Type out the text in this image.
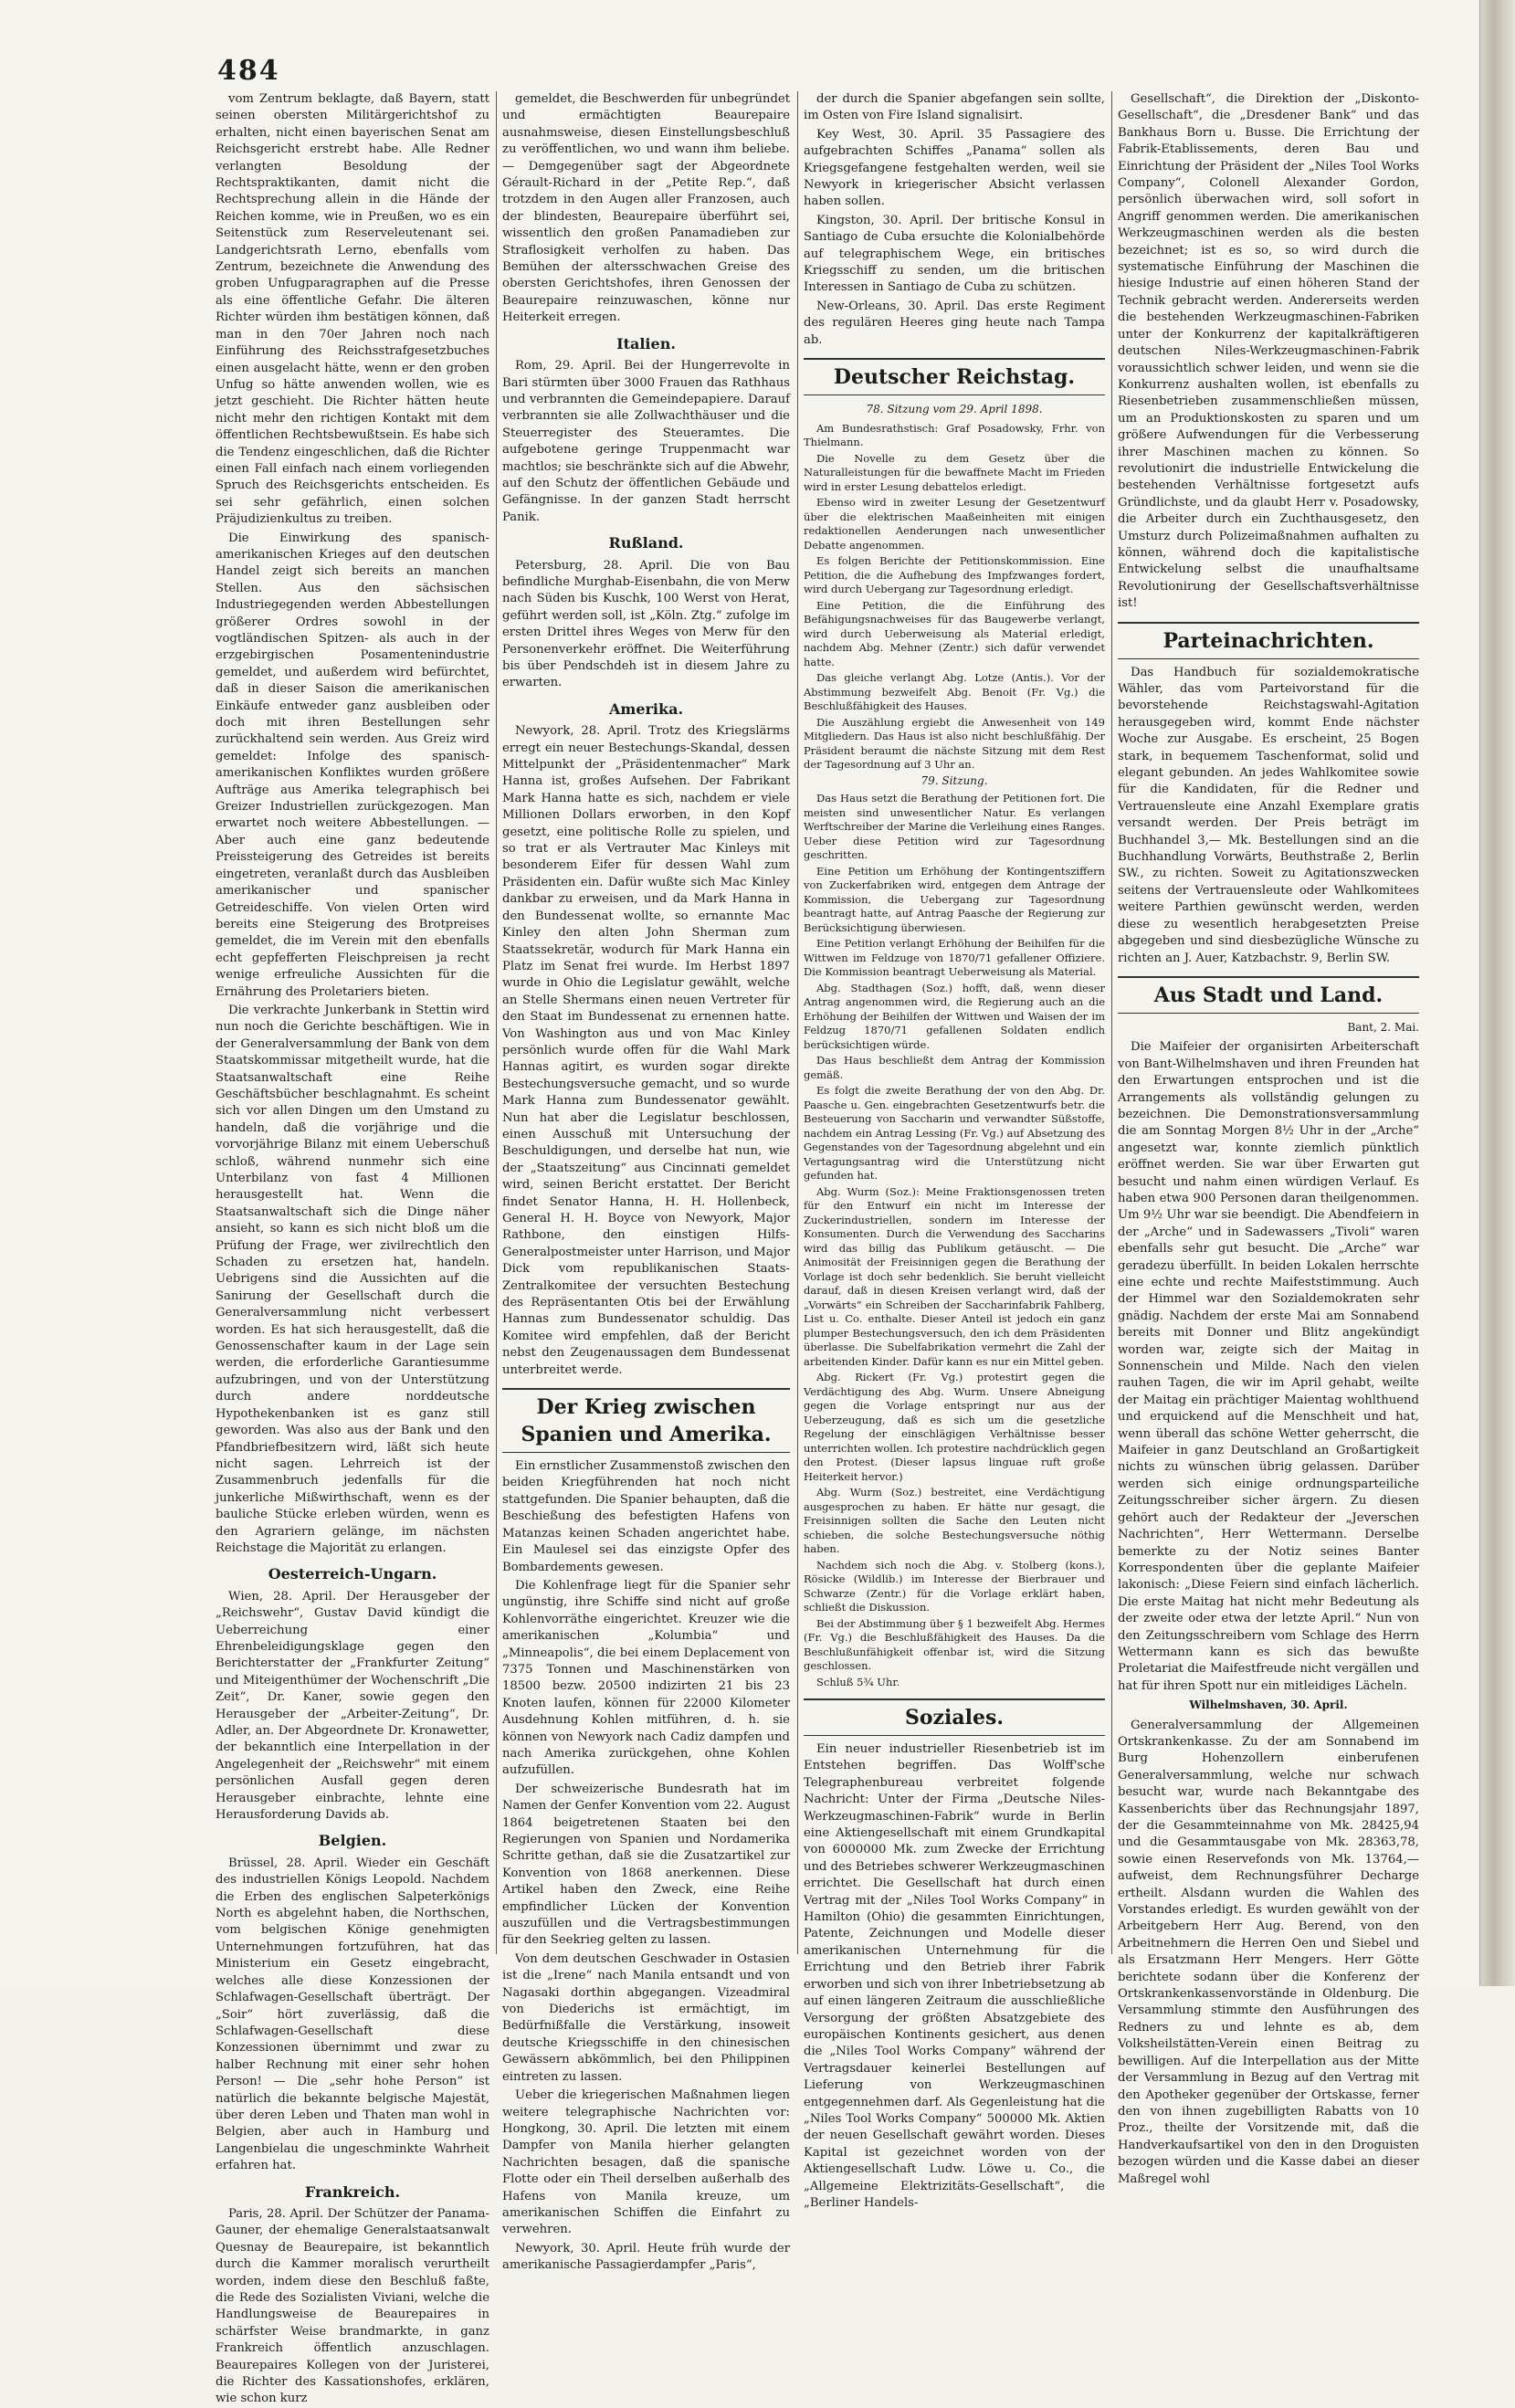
484

vom Zentrum beklagte, daß Bayern, statt seinen obersten Militärgerichtshof zu erhalten, nicht einen bayerischen Senat am Reichsgericht erstrebt habe. Alle Redner verlangten Besoldung der Rechtspraktikanten, damit nicht die Rechtsprechung allein in die Hände der Reichen komme, wie in Preußen, wo es ein Seitenstück zum Reserveleutenant sei. Landgerichtsrath Lerno, ebenfalls vom Zentrum, bezeichnete die Anwendung des groben Unfugparagraphen auf die Presse als eine öffentliche Gefahr. Die älteren Richter würden ihm bestätigen können, daß man in den 70er Jahren noch nach Einführung des Reichsstrafgesetzbuches einen ausgelacht hätte, wenn er den groben Unfug so hätte anwenden wollen, wie es jetzt geschieht. Die Richter hätten heute nicht mehr den richtigen Kontakt mit dem öffentlichen Rechtsbewußtsein. Es habe sich die Tendenz eingeschlichen, daß die Richter einen Fall einfach nach einem vorliegenden Spruch des Reichsgerichts entscheiden. Es sei sehr gefährlich, einen solchen Präjudizienkultus zu treiben.

Die Einwirkung des spanisch-amerikanischen Krieges auf den deutschen Handel zeigt sich bereits an manchen Stellen. Aus den sächsischen Industriegegenden werden Abbestellungen größerer Ordres sowohl in der vogtländischen Spitzen- als auch in der erzgebirgischen Posamentenindustrie gemeldet, und außerdem wird befürchtet, daß in dieser Saison die amerikanischen Einkäufe entweder ganz ausbleiben oder doch mit ihren Bestellungen sehr zurückhaltend sein werden. Aus Greiz wird gemeldet: Infolge des spanisch-amerikanischen Konfliktes wurden größere Aufträge aus Amerika telegraphisch bei Greizer Industriellen zurückgezogen. Man erwartet noch weitere Abbestellungen. — Aber auch eine ganz bedeutende Preissteigerung des Getreides ist bereits eingetreten, veranlaßt durch das Ausbleiben amerikanischer und spanischer Getreideschiffe. Von vielen Orten wird bereits eine Steigerung des Brotpreises gemeldet, die im Verein mit den ebenfalls echt gepfefferten Fleischpreisen ja recht wenige erfreuliche Aussichten für die Ernährung des Proletariers bieten.

Die verkrachte Junkerbank in Stettin wird nun noch die Gerichte beschäftigen. Wie in der Generalversammlung der Bank von dem Staatskommissar mitgetheilt wurde, hat die Staatsanwaltschaft eine Reihe Geschäftsbücher beschlagnahmt. Es scheint sich vor allen Dingen um den Umstand zu handeln, daß die vorjährige und die vorvorjährige Bilanz mit einem Ueberschuß schloß, während nunmehr sich eine Unterbilanz von fast 4 Millionen herausgestellt hat. Wenn die Staatsanwaltschaft sich die Dinge näher ansieht, so kann es sich nicht bloß um die Prüfung der Frage, wer zivilrechtlich den Schaden zu ersetzen hat, handeln. Uebrigens sind die Aussichten auf die Sanirung der Gesellschaft durch die Generalversammlung nicht verbessert worden. Es hat sich herausgestellt, daß die Genossenschafter kaum in der Lage sein werden, die erforderliche Garantiesumme aufzubringen, und von der Unterstützung durch andere norddeutsche Hypothekenbanken ist es ganz still geworden. Was also aus der Bank und den Pfandbriefbesitzern wird, läßt sich heute nicht sagen. Lehrreich ist der Zusammenbruch jedenfalls für die junkerliche Mißwirthschaft, wenn es der bauliche Stücke erleben würden, wenn es den Agrariern gelänge, im nächsten Reichstage die Majorität zu erlangen.

Oesterreich-Ungarn.

Wien, 28. April. Der Herausgeber der „Reichswehr“, Gustav David kündigt die Ueberreichung einer Ehrenbeleidigungsklage gegen den Berichterstatter der „Frankfurter Zeitung“ und Miteigenthümer der Wochenschrift „Die Zeit“, Dr. Kaner, sowie gegen den Herausgeber der „Arbeiter-Zeitung“, Dr. Adler, an. Der Abgeordnete Dr. Kronawetter, der bekanntlich eine Interpellation in der Angelegenheit der „Reichswehr“ mit einem persönlichen Ausfall gegen deren Herausgeber einbrachte, lehnte eine Herausforderung Davids ab.

Belgien.

Brüssel, 28. April. Wieder ein Geschäft des industriellen Königs Leopold. Nachdem die Erben des englischen Salpeterkönigs North es abgelehnt haben, die Northschen, vom belgischen Könige genehmigten Unternehmungen fortzuführen, hat das Ministerium ein Gesetz eingebracht, welches alle diese Konzessionen der Schlafwagen-Gesellschaft überträgt. Der „Soir“ hört zuverlässig, daß die Schlafwagen-Gesellschaft diese Konzessionen übernimmt und zwar zu halber Rechnung mit einer sehr hohen Person! — Die „sehr hohe Person“ ist natürlich die bekannte belgische Majestät, über deren Leben und Thaten man wohl in Belgien, aber auch in Hamburg und Langenbielau die ungeschminkte Wahrheit erfahren hat.

Frankreich.

Paris, 28. April. Der Schützer der Panama-Gauner, der ehemalige Generalstaatsanwalt Quesnay de Beaurepaire, ist bekanntlich durch die Kammer moralisch verurtheilt worden, indem diese den Beschluß faßte, die Rede des Sozialisten Viviani, welche die Handlungsweise de Beaurepaires in schärfster Weise brandmarkte, in ganz Frankreich öffentlich anzuschlagen. Beaurepaires Kollegen von der Juristerei, die Richter des Kassationshofes, erklären, wie schon kurz

gemeldet, die Beschwerden für unbegründet und ermächtigten Beaurepaire ausnahmsweise, diesen Einstellungsbeschluß zu veröffentlichen, wo und wann ihm beliebe. — Demgegenüber sagt der Abgeordnete Gérault-Richard in der „Petite Rep.“, daß trotzdem in den Augen aller Franzosen, auch der blindesten, Beaurepaire überführt sei, wissentlich den großen Panamadieben zur Straflosigkeit verholfen zu haben. Das Bemühen der altersschwachen Greise des obersten Gerichtshofes, ihren Genossen der Beaurepaire reinzuwaschen, könne nur Heiterkeit erregen.

Italien.

Rom, 29. April. Bei der Hungerrevolte in Bari stürmten über 3000 Frauen das Rathhaus und verbrannten die Gemeindepapiere. Darauf verbrannten sie alle Zollwachthäuser und die Steuerregister des Steueramtes. Die aufgebotene geringe Truppenmacht war machtlos; sie beschränkte sich auf die Abwehr, auf den Schutz der öffentlichen Gebäude und Gefängnisse. In der ganzen Stadt herrscht Panik.

Rußland.

Petersburg, 28. April. Die von Bau befindliche Murghab-Eisenbahn, die von Merw nach Süden bis Kuschk, 100 Werst von Herat, geführt werden soll, ist „Köln. Ztg.“ zufolge im ersten Drittel ihres Weges von Merw für den Personenverkehr eröffnet. Die Weiterführung bis über Pendschdeh ist in diesem Jahre zu erwarten.

Amerika.

Newyork, 28. April. Trotz des Kriegslärms erregt ein neuer Bestechungs-Skandal, dessen Mittelpunkt der „Präsidentenmacher“ Mark Hanna ist, großes Aufsehen. Der Fabrikant Mark Hanna hatte es sich, nachdem er viele Millionen Dollars erworben, in den Kopf gesetzt, eine politische Rolle zu spielen, und so trat er als Vertrauter Mac Kinleys mit besonderem Eifer für dessen Wahl zum Präsidenten ein. Dafür wußte sich Mac Kinley dankbar zu erweisen, und da Mark Hanna in den Bundessenat wollte, so ernannte Mac Kinley den alten John Sherman zum Staatssekretär, wodurch für Mark Hanna ein Platz im Senat frei wurde. Im Herbst 1897 wurde in Ohio die Legislatur gewählt, welche an Stelle Shermans einen neuen Vertreter für den Staat im Bundessenat zu ernennen hatte. Von Washington aus und von Mac Kinley persönlich wurde offen für die Wahl Mark Hannas agitirt, es wurden sogar direkte Bestechungsversuche gemacht, und so wurde Mark Hanna zum Bundessenator gewählt. Nun hat aber die Legislatur beschlossen, einen Ausschuß mit Untersuchung der Beschuldigungen, und derselbe hat nun, wie der „Staatszeitung“ aus Cincinnati gemeldet wird, seinen Bericht erstattet. Der Bericht findet Senator Hanna, H. H. Hollenbeck, General H. H. Boyce von Newyork, Major Rathbone, den einstigen Hilfs-Generalpostmeister unter Harrison, und Major Dick vom republikanischen Staats-Zentralkomitee der versuchten Bestechung des Repräsentanten Otis bei der Erwählung Hannas zum Bundessenator schuldig. Das Komitee wird empfehlen, daß der Bericht nebst den Zeugenaussagen dem Bundessenat unterbreitet werde.

Der Krieg zwischen Spanien und Amerika.

Ein ernstlicher Zusammenstoß zwischen den beiden Kriegführenden hat noch nicht stattgefunden. Die Spanier behaupten, daß die Beschießung des befestigten Hafens von Matanzas keinen Schaden angerichtet habe. Ein Maulesel sei das einzigste Opfer des Bombardements gewesen.

Die Kohlenfrage liegt für die Spanier sehr ungünstig, ihre Schiffe sind nicht auf große Kohlenvorräthe eingerichtet. Kreuzer wie die amerikanischen „Kolumbia“ und „Minneapolis“, die bei einem Deplacement von 7375 Tonnen und Maschinenstärken von 18500 bezw. 20500 indizirten 21 bis 23 Knoten laufen, können für 22000 Kilometer Ausdehnung Kohlen mitführen, d. h. sie können von Newyork nach Cadiz dampfen und nach Amerika zurückgehen, ohne Kohlen aufzufüllen.

Der schweizerische Bundesrath hat im Namen der Genfer Konvention vom 22. August 1864 beigetretenen Staaten bei den Regierungen von Spanien und Nordamerika Schritte gethan, daß sie die Zusatzartikel zur Konvention von 1868 anerkennen. Diese Artikel haben den Zweck, eine Reihe empfindlicher Lücken der Konvention auszufüllen und die Vertragsbestimmungen für den Seekrieg gelten zu lassen.

Von dem deutschen Geschwader in Ostasien ist die „Irene“ nach Manila entsandt und von Nagasaki dorthin abgegangen. Vizeadmiral von Diederichs ist ermächtigt, im Bedürfnißfalle die Verstärkung, insoweit deutsche Kriegsschiffe in den chinesischen Gewässern abkömmlich, bei den Philippinen eintreten zu lassen.

Ueber die kriegerischen Maßnahmen liegen weitere telegraphische Nachrichten vor: Hongkong, 30. April. Die letzten mit einem Dampfer von Manila hierher gelangten Nachrichten besagen, daß die spanische Flotte oder ein Theil derselben außerhalb des Hafens von Manila kreuze, um amerikanischen Schiffen die Einfahrt zu verwehren.

Newyork, 30. April. Heute früh wurde der amerikanische Passagierdampfer „Paris“,

der durch die Spanier abgefangen sein sollte, im Osten von Fire Island signalisirt.

Key West, 30. April. 35 Passagiere des aufgebrachten Schiffes „Panama“ sollen als Kriegsgefangene festgehalten werden, weil sie Newyork in kriegerischer Absicht verlassen haben sollen.

Kingston, 30. April. Der britische Konsul in Santiago de Cuba ersuchte die Kolonialbehörde auf telegraphischem Wege, ein britisches Kriegsschiff zu senden, um die britischen Interessen in Santiago de Cuba zu schützen.

New-Orleans, 30. April. Das erste Regiment des regulären Heeres ging heute nach Tampa ab.

Deutscher Reichstag.
78. Sitzung vom 29. April 1898.

Am Bundesrathstisch: Graf Posadowsky, Frhr. von Thielmann.

Die Novelle zu dem Gesetz über die Naturalleistungen für die bewaffnete Macht im Frieden wird in erster Lesung debattelos erledigt.

Ebenso wird in zweiter Lesung der Gesetzentwurf über die elektrischen Maaßeinheiten mit einigen redaktionellen Aenderungen nach unwesentlicher Debatte angenommen.

Es folgen Berichte der Petitionskommission. Eine Petition, die die Aufhebung des Impfzwanges fordert, wird durch Uebergang zur Tagesordnung erledigt.

Eine Petition, die die Einführung des Befähigungsnachweises für das Baugewerbe verlangt, wird durch Ueberweisung als Material erledigt, nachdem Abg. Mehner (Zentr.) sich dafür verwendet hatte.

Das gleiche verlangt Abg. Lotze (Antis.). Vor der Abstimmung bezweifelt Abg. Benoit (Fr. Vg.) die Beschlußfähigkeit des Hauses.

Die Auszählung ergiebt die Anwesenheit von 149 Mitgliedern. Das Haus ist also nicht beschlußfähig. Der Präsident beraumt die nächste Sitzung mit dem Rest der Tagesordnung auf 3 Uhr an.

79. Sitzung.

Das Haus setzt die Berathung der Petitionen fort. Die meisten sind unwesentlicher Natur. Es verlangen Werftschreiber der Marine die Verleihung eines Ranges. Ueber diese Petition wird zur Tagesordnung geschritten.

Eine Petition um Erhöhung der Kontingentsziffern von Zuckerfabriken wird, entgegen dem Antrage der Kommission, die Uebergang zur Tagesordnung beantragt hatte, auf Antrag Paasche der Regierung zur Berücksichtigung überwiesen.

Eine Petition verlangt Erhöhung der Beihilfen für die Wittwen im Feldzuge von 1870/71 gefallener Offiziere. Die Kommission beantragt Ueberweisung als Material.

Abg. Stadthagen (Soz.) hofft, daß, wenn dieser Antrag angenommen wird, die Regierung auch an die Erhöhung der Beihilfen der Wittwen und Waisen der im Feldzug 1870/71 gefallenen Soldaten endlich berücksichtigen würde.

Das Haus beschließt dem Antrag der Kommission gemäß.

Es folgt die zweite Berathung der von den Abg. Dr. Paasche u. Gen. eingebrachten Gesetzentwurfs betr. die Besteuerung von Saccharin und verwandter Süßstoffe, nachdem ein Antrag Lessing (Fr. Vg.) auf Absetzung des Gegenstandes von der Tagesordnung abgelehnt und ein Vertagungsantrag wird die Unterstützung nicht gefunden hat.

Abg. Wurm (Soz.): Meine Fraktionsgenossen treten für den Entwurf ein nicht im Interesse der Zuckerindustriellen, sondern im Interesse der Konsumenten. Durch die Verwendung des Saccharins wird das billig das Publikum getäuscht. — Die Animosität der Freisinnigen gegen die Berathung der Vorlage ist doch sehr bedenklich. Sie beruht vielleicht darauf, daß in diesen Kreisen verlangt wird, daß der „Vorwärts“ ein Schreiben der Saccharinfabrik Fahlberg, List u. Co. enthalte. Dieser Anteil ist jedoch ein ganz plumper Bestechungsversuch, den ich dem Präsidenten überlasse. Die Subelfabrikation vermehrt die Zahl der arbeitenden Kinder. Dafür kann es nur ein Mittel geben.

Abg. Rickert (Fr. Vg.) protestirt gegen die Verdächtigung des Abg. Wurm. Unsere Abneigung gegen die Vorlage entspringt nur aus der Ueberzeugung, daß es sich um die gesetzliche Regelung der einschlägigen Verhältnisse besser unterrichten wollen. Ich protestire nachdrücklich gegen den Protest. (Dieser lapsus linguae ruft große Heiterkeit hervor.)

Abg. Wurm (Soz.) bestreitet, eine Verdächtigung ausgesprochen zu haben. Er hätte nur gesagt, die Freisinnigen sollten die Sache den Leuten nicht schieben, die solche Bestechungsversuche nöthig haben.

Nachdem sich noch die Abg. v. Stolberg (kons.), Rösicke (Wildlib.) im Interesse der Bierbrauer und Schwarze (Zentr.) für die Vorlage erklärt haben, schließt die Diskussion.

Bei der Abstimmung über § 1 bezweifelt Abg. Hermes (Fr. Vg.) die Beschlußfähigkeit des Hauses. Da die Beschlußunfähigkeit offenbar ist, wird die Sitzung geschlossen.

Schluß 5¾ Uhr.

Soziales.

Ein neuer industrieller Riesenbetrieb ist im Entstehen begriffen. Das Wolff'sche Telegraphenbureau verbreitet folgende Nachricht: Unter der Firma „Deutsche Niles-Werkzeugmaschinen-Fabrik“ wurde in Berlin eine Aktiengesellschaft mit einem Grundkapital von 6000000 Mk. zum Zwecke der Errichtung und des Betriebes schwerer Werkzeugmaschinen errichtet. Die Gesellschaft hat durch einen Vertrag mit der „Niles Tool Works Company“ in Hamilton (Ohio) die gesammten Einrichtungen, Patente, Zeichnungen und Modelle dieser amerikanischen Unternehmung für die Errichtung und den Betrieb ihrer Fabrik erworben und sich von ihrer Inbetriebsetzung ab auf einen längeren Zeitraum die ausschließliche Versorgung der größten Absatzgebiete des europäischen Kontinents gesichert, aus denen die „Niles Tool Works Company“ während der Vertragsdauer keinerlei Bestellungen auf Lieferung von Werkzeugmaschinen entgegennehmen darf. Als Gegenleistung hat die „Niles Tool Works Company“ 500000 Mk. Aktien der neuen Gesellschaft gewährt worden. Dieses Kapital ist gezeichnet worden von der Aktiengesellschaft Ludw. Löwe u. Co., die „Allgemeine Elektrizitäts-Gesellschaft“, die „Berliner Handels-

Gesellschaft“, die Direktion der „Diskonto-Gesellschaft“, die „Dresdener Bank“ und das Bankhaus Born u. Busse. Die Errichtung der Fabrik-Etablissements, deren Bau und Einrichtung der Präsident der „Niles Tool Works Company“, Colonell Alexander Gordon, persönlich überwachen wird, soll sofort in Angriff genommen werden. Die amerikanischen Werkzeugmaschinen werden als die besten bezeichnet; ist es so, so wird durch die systematische Einführung der Maschinen die hiesige Industrie auf einen höheren Stand der Technik gebracht werden. Andererseits werden die bestehenden Werkzeugmaschinen-Fabriken unter der Konkurrenz der kapitalkräftigeren deutschen Niles-Werkzeugmaschinen-Fabrik voraussichtlich schwer leiden, und wenn sie die Konkurrenz aushalten wollen, ist ebenfalls zu Riesenbetrieben zusammenschließen müssen, um an Produktionskosten zu sparen und um größere Aufwendungen für die Verbesserung ihrer Maschinen machen zu können. So revolutionirt die industrielle Entwickelung die bestehenden Verhältnisse fortgesetzt aufs Gründlichste, und da glaubt Herr v. Posadowsky, die Arbeiter durch ein Zuchthausgesetz, den Umsturz durch Polizeimaßnahmen aufhalten zu können, während doch die kapitalistische Entwickelung selbst die unaufhaltsame Revolutionirung der Gesellschaftsverhältnisse ist!

Parteinachrichten.

Das Handbuch für sozialdemokratische Wähler, das vom Parteivorstand für die bevorstehende Reichstagswahl-Agitation herausgegeben wird, kommt Ende nächster Woche zur Ausgabe. Es erscheint, 25 Bogen stark, in bequemem Taschenformat, solid und elegant gebunden. An jedes Wahlkomitee sowie für die Kandidaten, für die Redner und Vertrauensleute eine Anzahl Exemplare gratis versandt werden. Der Preis beträgt im Buchhandel 3,— Mk. Bestellungen sind an die Buchhandlung Vorwärts, Beuthstraße 2, Berlin SW., zu richten. Soweit zu Agitationszwecken seitens der Vertrauensleute oder Wahlkomitees weitere Parthien gewünscht werden, werden diese zu wesentlich herabgesetzten Preise abgegeben und sind diesbezügliche Wünsche zu richten an J. Auer, Katzbachstr. 9, Berlin SW.

Aus Stadt und Land.
Bant, 2. Mai.

Die Maifeier der organisirten Arbeiterschaft von Bant-Wilhelmshaven und ihren Freunden hat den Erwartungen entsprochen und ist die Arrangements als vollständig gelungen zu bezeichnen. Die Demonstrationsversammlung die am Sonntag Morgen 8½ Uhr in der „Arche“ angesetzt war, konnte ziemlich pünktlich eröffnet werden. Sie war über Erwarten gut besucht und nahm einen würdigen Verlauf. Es haben etwa 900 Personen daran theilgenommen. Um 9½ Uhr war sie beendigt. Die Abendfeiern in der „Arche“ und in Sadewassers „Tivoli“ waren ebenfalls sehr gut besucht. Die „Arche“ war geradezu überfüllt. In beiden Lokalen herrschte eine echte und rechte Maifeststimmung. Auch der Himmel war den Sozialdemokraten sehr gnädig. Nachdem der erste Mai am Sonnabend bereits mit Donner und Blitz angekündigt worden war, zeigte sich der Maitag in Sonnenschein und Milde. Nach den vielen rauhen Tagen, die wir im April gehabt, weilte der Maitag ein prächtiger Maientag wohlthuend und erquickend auf die Menschheit und hat, wenn überall das schöne Wetter geherrscht, die Maifeier in ganz Deutschland an Großartigkeit nichts zu wünschen übrig gelassen. Darüber werden sich einige ordnungsparteiliche Zeitungsschreiber sicher ärgern. Zu diesen gehört auch der Redakteur der „Jeverschen Nachrichten“, Herr Wettermann. Derselbe bemerkte zu der Notiz seines Banter Korrespondenten über die geplante Maifeier lakonisch: „Diese Feiern sind einfach lächerlich. Die erste Maitag hat nicht mehr Bedeutung als der zweite oder etwa der letzte April.“ Nun von den Zeitungsschreibern vom Schlage des Herrn Wettermann kann es sich das bewußte Proletariat die Maifestfreude nicht vergällen und hat für ihren Spott nur ein mitleidiges Lächeln.

Wilhelmshaven, 30. April.

Generalversammlung der Allgemeinen Ortskrankenkasse. Zu der am Sonnabend im Burg Hohenzollern einberufenen Generalversammlung, welche nur schwach besucht war, wurde nach Bekanntgabe des Kassenberichts über das Rechnungsjahr 1897, der die Gesammteinnahme von Mk. 28425,94 und die Gesammtausgabe von Mk. 28363,78, sowie einen Reservefonds von Mk. 13764,— aufweist, dem Rechnungsführer Decharge ertheilt. Alsdann wurden die Wahlen des Vorstandes erledigt. Es wurden gewählt von der Arbeitgebern Herr Aug. Berend, von den Arbeitnehmern die Herren Oen und Siebel und als Ersatzmann Herr Mengers. Herr Götte berichtete sodann über die Konferenz der Ortskrankenkassenvorstände in Oldenburg. Die Versammlung stimmte den Ausführungen des Redners zu und lehnte es ab, dem Volksheilstätten-Verein einen Beitrag zu bewilligen. Auf die Interpellation aus der Mitte der Versammlung in Bezug auf den Vertrag mit den Apotheker gegenüber der Ortskasse, ferner den von ihnen zugebilligten Rabatts von 10 Proz., theilte der Vorsitzende mit, daß die Handverkaufsartikel von den in den Droguisten bezogen würden und die Kasse dabei an dieser Maßregel wohl
